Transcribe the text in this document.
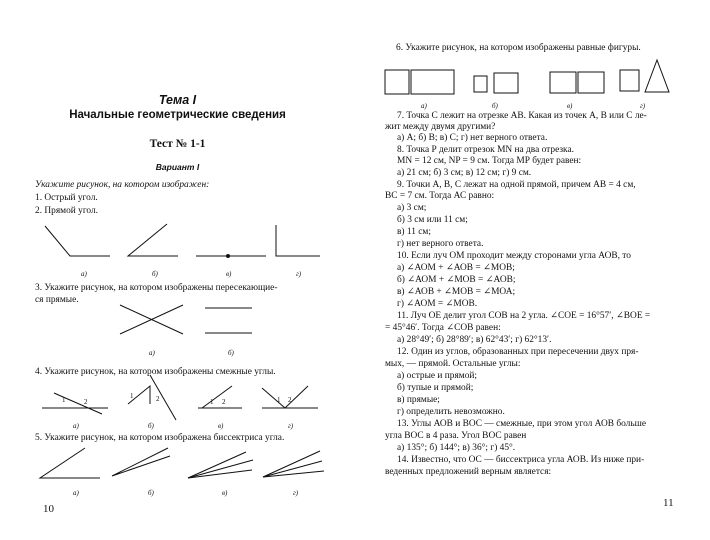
Тема I
Начальные геометрические сведения
Тест № 1-1
Вариант I
Укажите рисунок, на котором изображен:
1. Острый угол.
2. Прямой угол.
а)	б)	в)	г)
3. Укажите рисунок, на котором изображены пересекающие-
ся прямые.
а)	б)
4. Укажите рисунок, на котором изображены смежные углы.
1	2
1	2	1 2	1 2
а)	б)	в)	г)
5. Укажите рисунок, на котором изображена биссектриса угла.
а)	б)	в)	г)
10
6. Укажите рисунок, на котором изображены равные фигуры.
а)	б)	в)	г)
7. Точка С лежит на отрезке АВ. Какая из точек А, В или С ле-
жит между двумя другими?
а) А; б) В; в) С; г) нет верного ответа.
8. Точка Р делит отрезок MN на два отрезка.
MN = 12 см, NP = 9 см. Тогда МР будет равен:
а) 21 см; б) 3 см; в) 12 см; г) 9 см.
9. Точки А, В, С лежат на одной прямой, причем АВ = 4 см,
ВС = 7 см. Тогда АС равно:
а) 3 см;
б) 3 см или 11 см;
в) 11 см;
г) нет верного ответа.
10. Если луч ОМ проходит между сторонами угла АОВ, то
а) ∠АОМ + ∠АОВ = ∠МОВ;
б) ∠АОМ + ∠МОВ = ∠АОВ;
в) ∠АОВ + ∠МОВ = ∠МОА;
г) ∠АОМ = ∠МОВ.
11. Луч ОЕ делит угол СОВ на 2 угла. ∠СОЕ = 16°57′, ∠ВОЕ =
= 45°46′. Тогда ∠СОВ равен:
а) 28°49′; б) 28°89′; в) 62°43′; г) 62°13′.
12. Один из углов, образованных при пересечении двух пря-
мых, — прямой. Остальные углы:
а) острые и прямой;
б) тупые и прямой;
в) прямые;
г) определить невозможно.
13. Углы АОВ и ВОС — смежные, при этом угол АОВ больше
угла ВОС в 4 раза. Угол ВОС равен
а) 135°; б) 144°; в) 36°; г) 45°.
14. Известно, что ОС — биссектриса угла АОВ. Из ниже при-
веденных предложений верным является:
11
